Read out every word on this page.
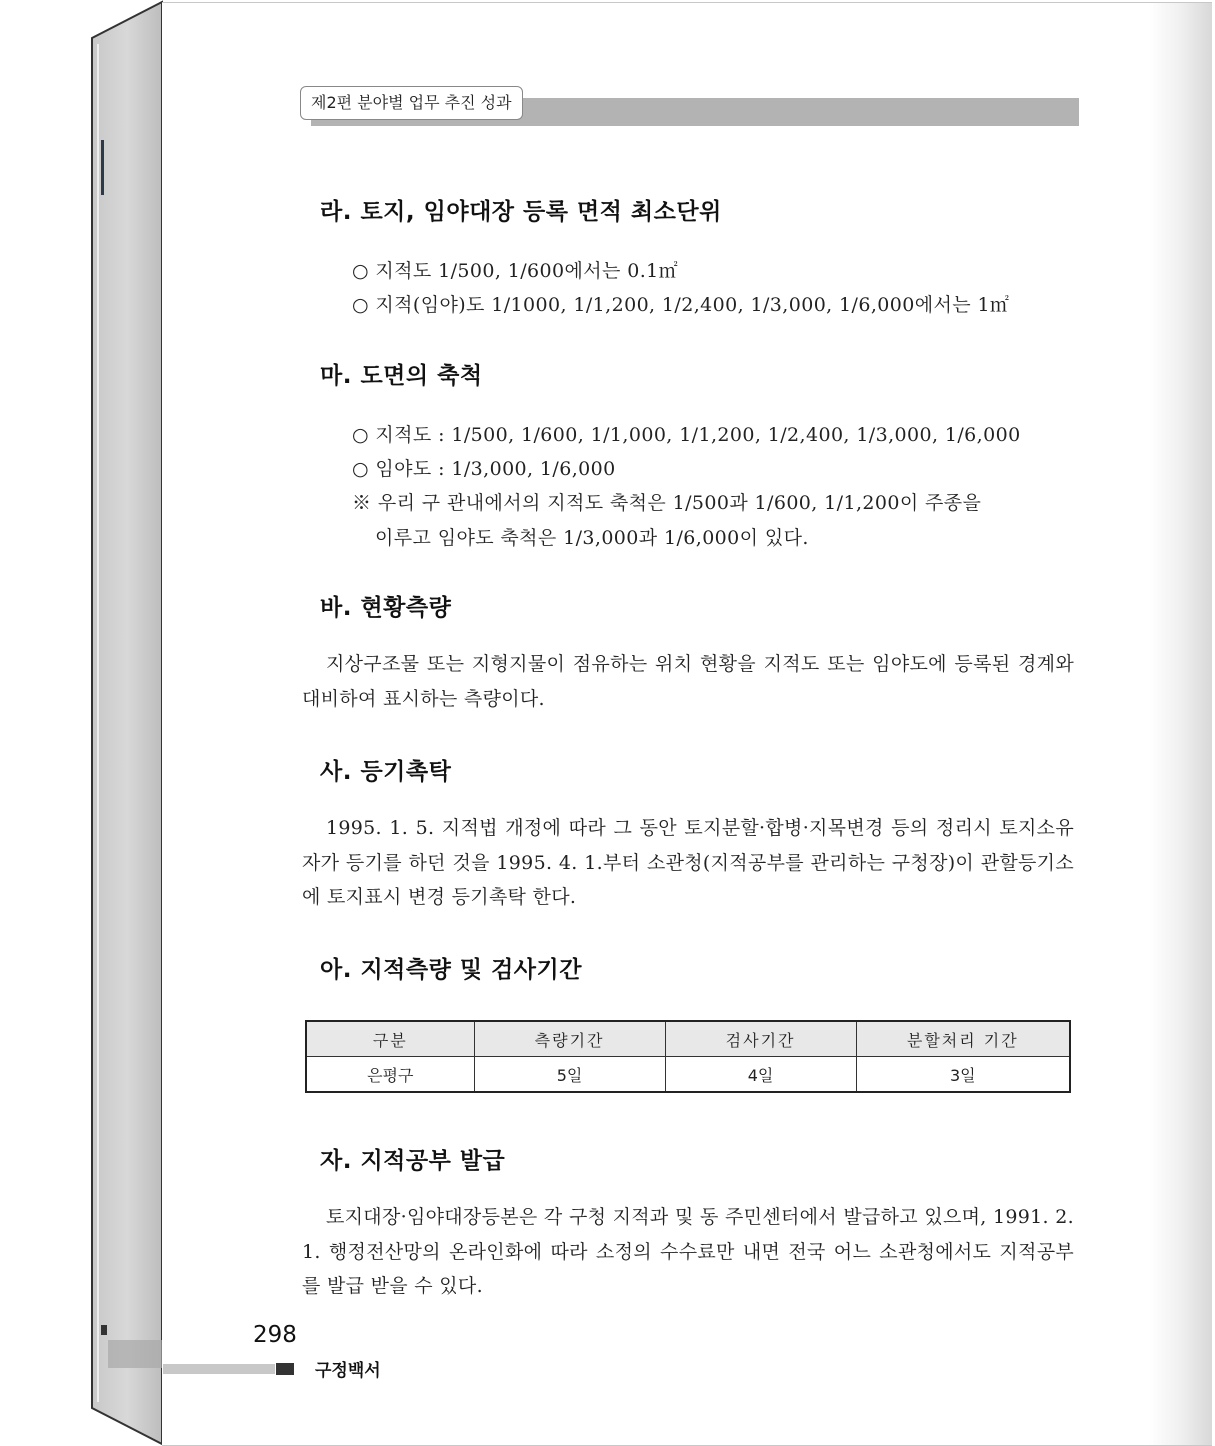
제2편 분야별 업무 추진 성과
라. 토지, 임야대장 등록 면적 최소단위
○ 지적도 1/500, 1/600에서는 0.1㎡
○ 지적(임야)도 1/1000, 1/1,200, 1/2,400, 1/3,000, 1/6,000에서는 1㎡
마. 도면의 축척
○ 지적도 : 1/500, 1/600, 1/1,000, 1/1,200, 1/2,400, 1/3,000, 1/6,000
○ 임야도 : 1/3,000, 1/6,000
※ 우리 구 관내에서의 지적도 축척은 1/500과 1/600, 1/1,200이 주종을
이루고 임야도 축척은 1/3,000과 1/6,000이 있다.
바. 현황측량
지상구조물 또는 지형지물이 점유하는 위치 현황을 지적도 또는 임야도에 등록된 경계와 대비하여 표시하는 측량이다.
사. 등기촉탁
1995. 1. 5. 지적법 개정에 따라 그 동안 토지분할·합병·지목변경 등의 정리시 토지소유자가 등기를 하던 것을 1995. 4. 1.부터 소관청(지적공부를 관리하는 구청장)이 관할등기소에 토지표시 변경 등기촉탁 한다.
아. 지적측량 및 검사기간
구분	측량기간	검사기간	분할처리 기간
은평구	5일	4일	3일
자. 지적공부 발급
토지대장·임야대장등본은 각 구청 지적과 및 동 주민센터에서 발급하고 있으며, 1991. 2. 1. 행정전산망의 온라인화에 따라 소정의 수수료만 내면 전국 어느 소관청에서도 지적공부를 발급 받을 수 있다.
298
구정백서
